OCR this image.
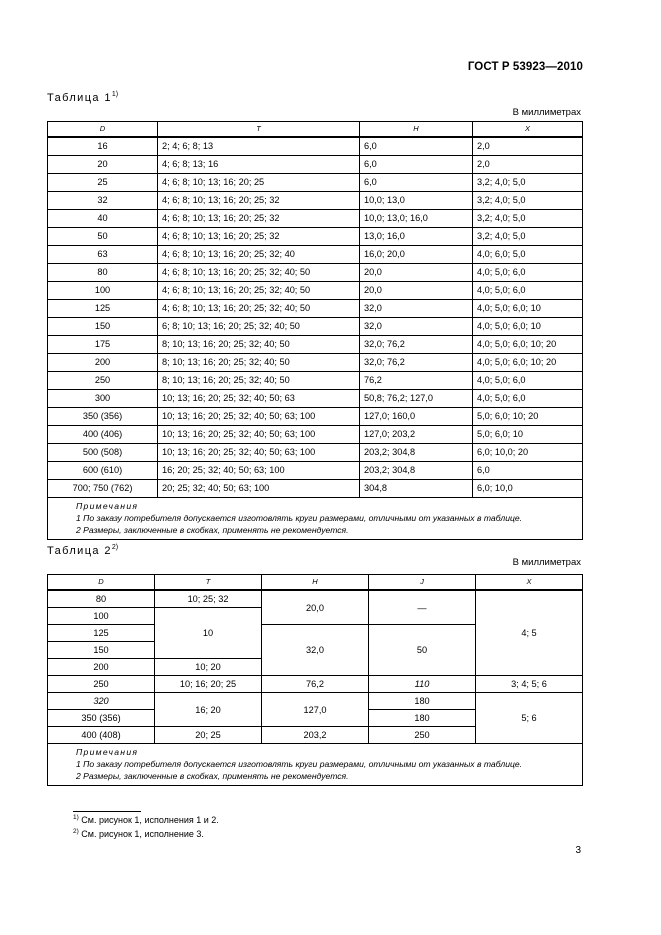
ГОСТ Р 53923—2010
Таблица 1$^{1)}$
В миллиметрах
D	T	H	X
16	2; 4; 6; 8; 13	6,0	2,0
20	4; 6; 8; 13; 16	6,0	2,0
25	4; 6; 8; 10; 13; 16; 20; 25	6,0	3,2; 4,0; 5,0
32	4; 6; 8; 10; 13; 16; 20; 25; 32	10,0; 13,0	3,2; 4,0; 5,0
40	4; 6; 8; 10; 13; 16; 20; 25; 32	10,0; 13,0; 16,0	3,2; 4,0; 5,0
50	4; 6; 8; 10; 13; 16; 20; 25; 32	13,0; 16,0	3,2; 4,0; 5,0
63	4; 6; 8; 10; 13; 16; 20; 25; 32; 40	16,0; 20,0	4,0; 6,0; 5,0
80	4; 6; 8; 10; 13; 16; 20; 25; 32; 40; 50	20,0	4,0; 5,0; 6,0
100	4; 6; 8; 10; 13; 16; 20; 25; 32; 40; 50	20,0	4,0; 5,0; 6,0
125	4; 6; 8; 10; 13; 16; 20; 25; 32; 40; 50	32,0	4,0; 5,0; 6,0; 10
150	6; 8; 10; 13; 16; 20; 25; 32; 40; 50	32,0	4,0; 5,0; 6,0; 10
175	8; 10; 13; 16; 20; 25; 32; 40; 50	32,0; 76,2	4,0; 5,0; 6,0; 10; 20
200	8; 10; 13; 16; 20; 25; 32; 40; 50	32,0; 76,2	4,0; 5,0; 6,0; 10; 20
250	8; 10; 13; 16; 20; 25; 32; 40; 50	76,2	4,0; 5,0; 6,0
300	10; 13; 16; 20; 25; 32; 40; 50; 63	50,8; 76,2; 127,0	4,0; 5,0; 6,0
350 (356)	10; 13; 16; 20; 25; 32; 40; 50; 63; 100	127,0; 160,0	5,0; 6,0; 10; 20
400 (406)	10; 13; 16; 20; 25; 32; 40; 50; 63; 100	127,0; 203,2	5,0; 6,0; 10
500 (508)	10; 13; 16; 20; 25; 32; 40; 50; 63; 100	203,2; 304,8	6,0; 10,0; 20
600 (610)	16; 20; 25; 32; 40; 50; 63; 100	203,2; 304,8	6,0
700; 750 (762)	20; 25; 32; 40; 50; 63; 100	304,8	6,0; 10,0

Примечания
1 По заказу потребителя допускается изготовлять круги размерами, отличными от указанных в таблице.
2 Размеры, заключенные в скобках, применять не рекомендуется.			
Таблица 2$^{2)}$
В миллиметрах
D	T	H	J	X
80	10; 25; 32	20,0	—	4; 5
100	10			
125		32,0	50	
150				
200	10; 20			
250	10; 16; 20; 25	76,2	110	3; 4; 5; 6
320	16; 20	127,0	180	5; 6
350 (356)			180	
400 (408)	20; 25	203,2	250	

Примечания
1 По заказу потребителя допускается изготовлять круги размерами, отличными от указанных в таблице.
2 Размеры, заключенные в скобках, применять не рекомендуется.				
$^{1)}$ См. рисунок 1, исполнения 1 и 2.
$^{2)}$ См. рисунок 1, исполнение 3.
3
